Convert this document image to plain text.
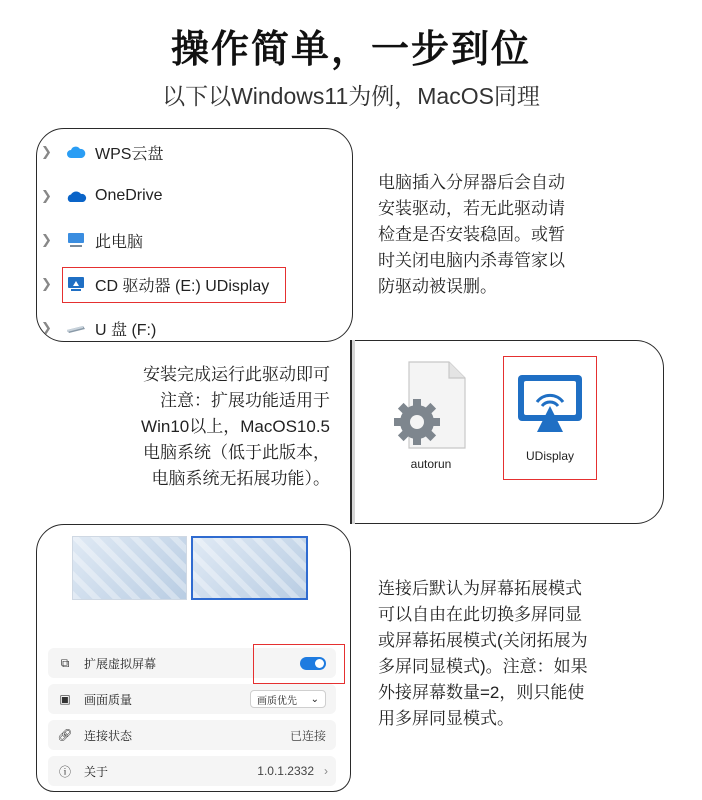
操作简单，一步到位
以下以Windows11为例，MacOS同理
❯	WPS云盘
❯	OneDrive
❯	此电脑
❯	CD 驱动器 (E:) UDisplay
❯	U 盘 (F:)
电脑插入分屏器后会自动
安装驱动，若无此驱动请
检查是否安装稳固。或暂
时关闭电脑内杀毒管家以
防驱动被误删。
安装完成运行此驱动即可
注意：扩展功能适用于
Win10以上，MacOS10.5
电脑系统（低于此版本，
电脑系统无拓展功能）。
autorun
UDisplay
⧉	扩展虚拟屏幕
▣ 画面质量	画质优先 ⌄
🔗︎ 连接状态	已连接
ⓘ 关于	1.0.1.2332 ›
连接后默认为屏幕拓展模式
可以自由在此切换多屏同显
或屏幕拓展模式(关闭拓展为
多屏同显模式)。注意：如果
外接屏幕数量=2，则只能使
用多屏同显模式。
